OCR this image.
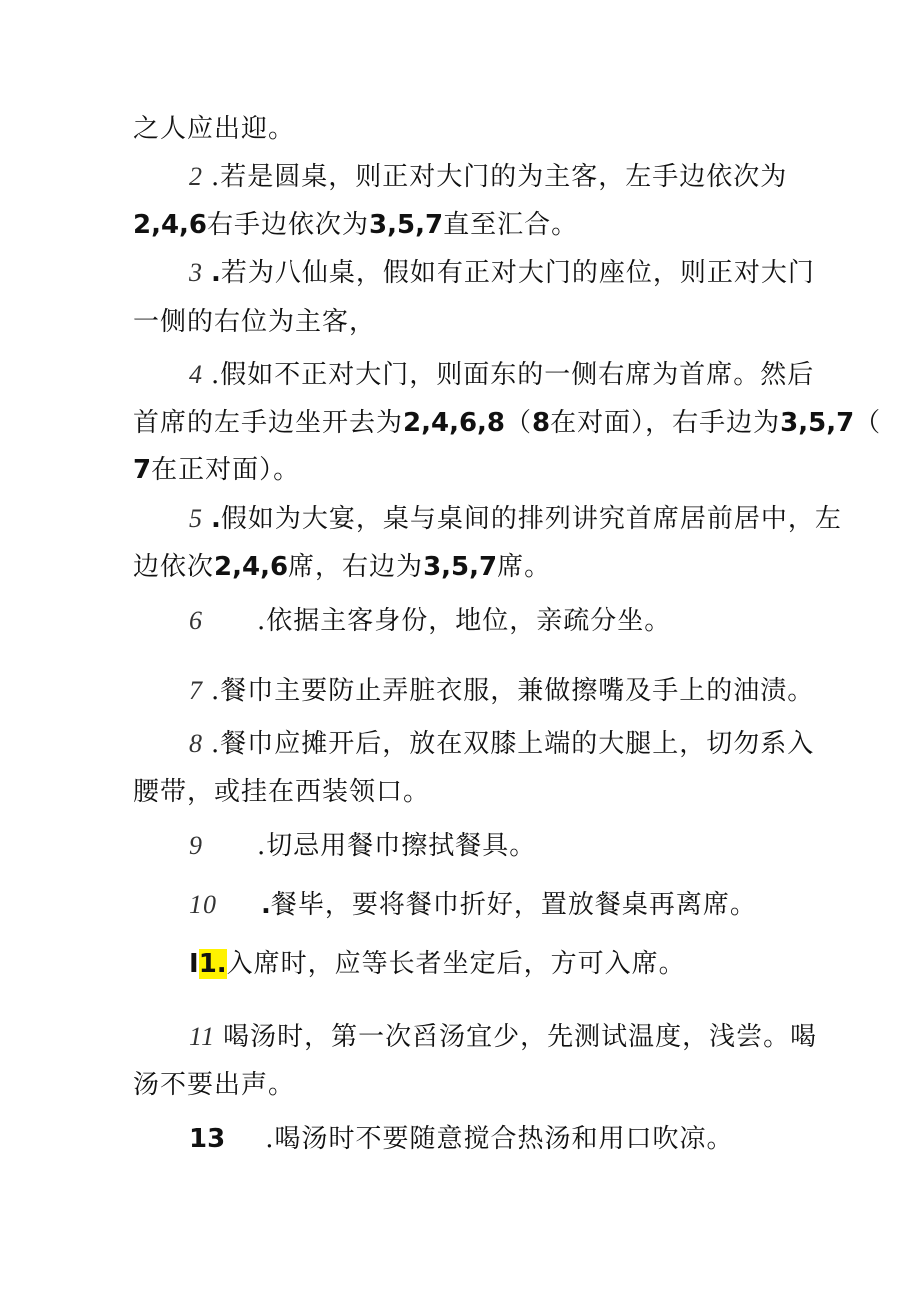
之人应出迎。
2 .若是圆桌，则正对大门的为主客，左手边依次为
2,4,6右手边依次为3,5,7直至汇合。
3 .若为八仙桌，假如有正对大门的座位，则正对大门
一侧的右位为主客，
4 .假如不正对大门，则面东的一侧右席为首席。然后
首席的左手边坐开去为2,4,6,8（8在对面），右手边为3,5,7（
7在正对面）。
5 .假如为大宴，桌与桌间的排列讲究首席居前居中，左
边依次2,4,6席，右边为3,5,7席。
6 .依据主客身份，地位，亲疏分坐。
7 .餐巾主要防止弄脏衣服，兼做擦嘴及手上的油渍。
8 .餐巾应摊开后，放在双膝上端的大腿上，切勿系入
腰带，或挂在西装领口。
9 .切忌用餐巾擦拭餐具。
10 .餐毕，要将餐巾折好，置放餐桌再离席。
I1.入席时，应等长者坐定后，方可入席。
11 喝汤时，第一次舀汤宜少，先测试温度，浅尝。喝
汤不要出声。
13 .喝汤时不要随意搅合热汤和用口吹凉。
